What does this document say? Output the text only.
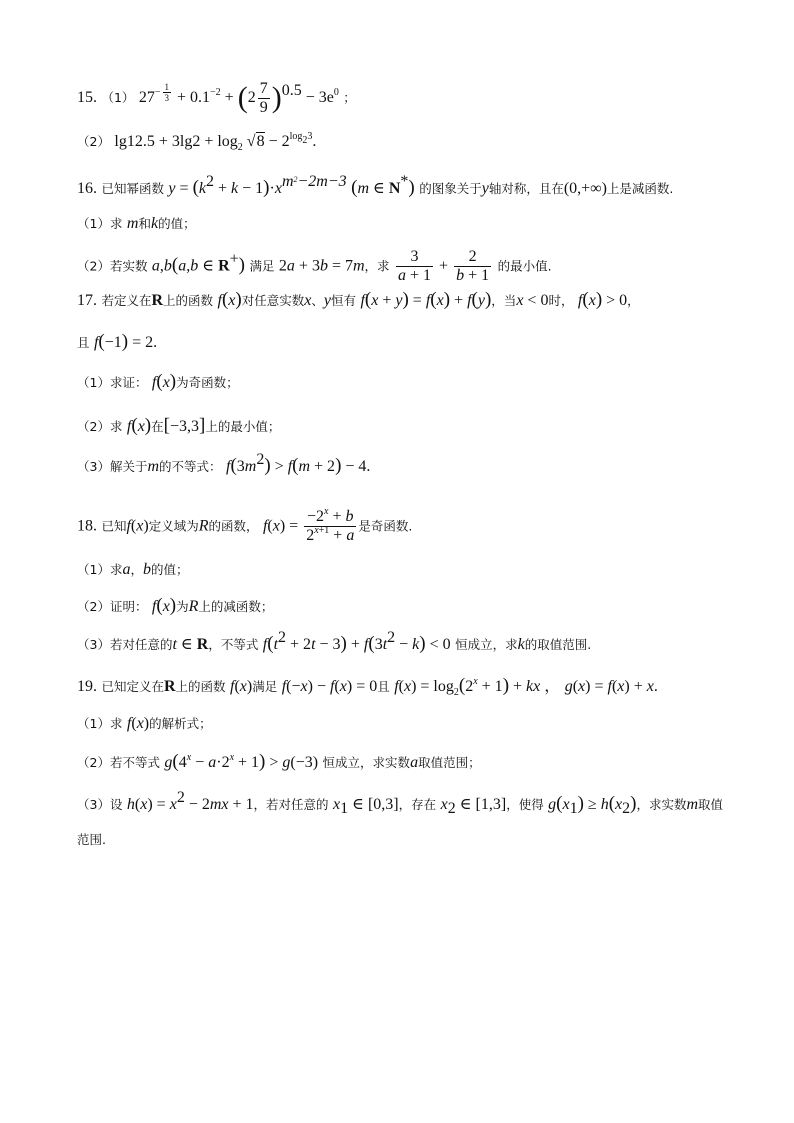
15. （1） $27^{- \frac{1}{3}} + 0.1^{-2} + (2 \frac{7}{9} )^{0.5} - 3e^0$ ；
（2） $\lg 12.5 + 3\lg 2 + \log_2 √8 - 2^{log_23}$.
16. 已知幂函数 $y = (k^2 + k - 1)\cdot x^{m^2-2m-3}$ (m ∈ N*) 的图象关于y轴对称，且在(0,+∞)上是减函数.
（1）求 m和k的值；
（2）若实数 a,b(a,b ∈ R+) 满足 2a + 3b = 7m，求 $\frac{3}{a + 1} + \frac{2}{b + 1}$ 的最小值.
17. 若定义在R上的函数 f(x)对任意实数x、y恒有 f(x + y) = f(x) + f(y)，当x < 0时， f(x) > 0，
且 f(−1) = 2.
（1）求证： f(x)为奇函数；
（2）求 f(x)在[−3,3]上的最小值；
（3）解关于m的不等式： $f(3m^2) > f(m + 2) - 4$.
18. 已知f(x)定义域为R的函数， $f(x) = \frac{-2^x + b}{2^{x+1} + a}$ 是奇函数.
（1）求a，b的值；
（2）证明： f(x)为R上的减函数；
（3）若对任意的t ∈ R，不等式 $f(t^2 + 2t - 3) + f(3t^2 - k) < 0$ 恒成立，求k的取值范围.
19. 已知定义在R上的函数 f(x)满足 f(−x) − f(x) = 0且 $f(x) = \log_2(2^x + 1)$ + kx ， g(x) = f(x) + x.
（1）求 f(x)的解析式；
（2）若不等式 $g(4^x - a\cdot 2^x + 1) > g(-3)$ 恒成立，求实数a取值范围；
（3）设 $h(x) = x^2 - 2mx + 1$，若对任意的 $x_1$ ∈ [0,3]，存在 $x_2$ ∈ [1,3]，使得 $g(x_1) \ge h(x_2)$，求实数m取值
范围.
